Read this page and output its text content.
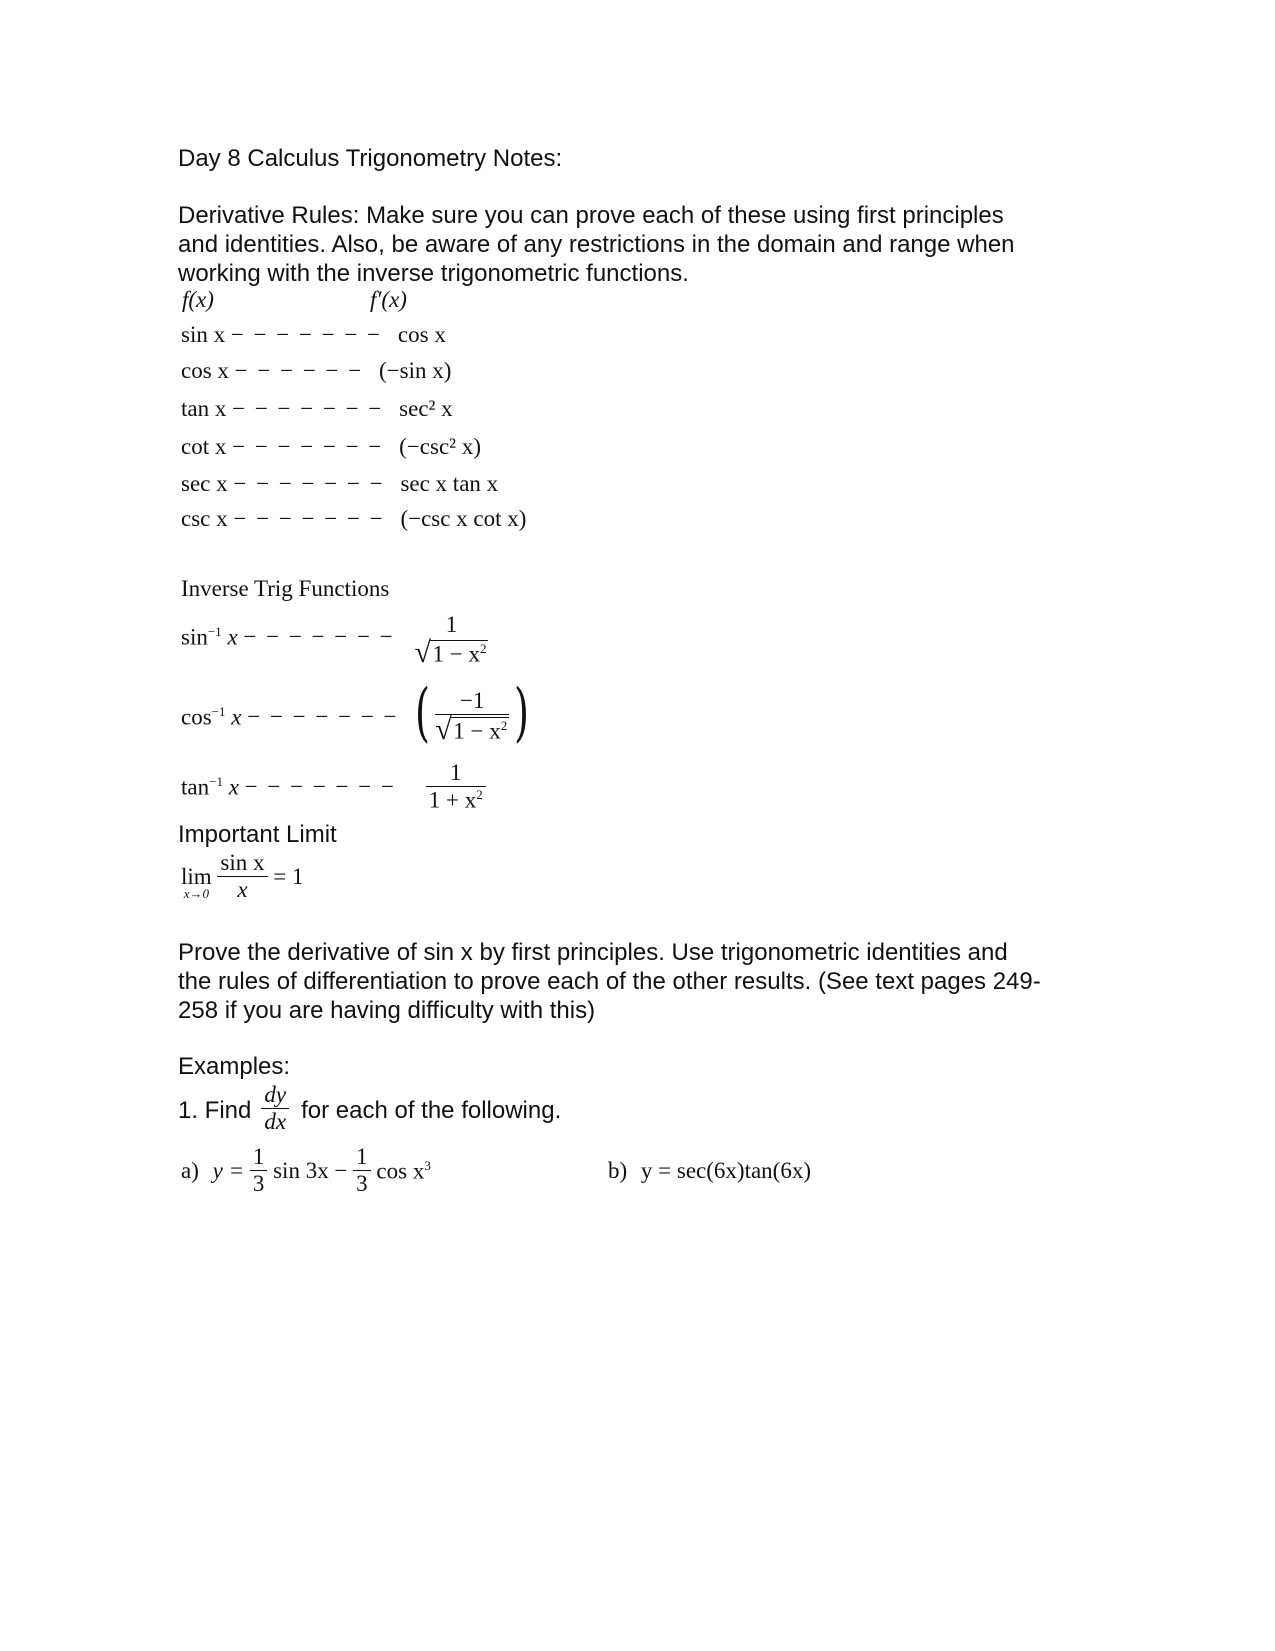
Day 8 Calculus Trigonometry Notes:
Derivative Rules: Make sure you can prove each of these using first principles
and identities. Also, be aware of any restrictions in the domain and range when
working with the inverse trigonometric functions.
f(x)	f′(x)
sin x − − − − − − − cos x
cos x − − − − − − (−sin x)
tan x − − − − − − − sec² x
cot x − − − − − − − (−csc² x)
sec x − − − − − − − sec x tan x
csc x − − − − − − − (−csc x cot x)
Inverse Trig Functions
$\sin^{-1} x$ − − − − − − −	1
√ $1 - x^2$
$\cos^{-1} x$ − − − − − − − ( $\frac{-1}{√ 1 - x^2}$ )
$\tan^{-1} x$ − − − − − − − $\frac{1}{1 + x^2}$
Important Limit
lim
x→0
$\frac{\text{sin x}}{x} = 1$
Prove the derivative of sin x by first principles. Use trigonometric identities and
the rules of differentiation to prove each of the other results. (See text pages 249-
258 if you are having difficulty with this)
Examples:
1. Find $\frac{dy}{dx}$ for each of the following.
a) $y = \frac{1}{3}$ $\sin 3x - \frac{1}{3}$ $\cos x^3$	b) y = sec(6x)tan(6x)
